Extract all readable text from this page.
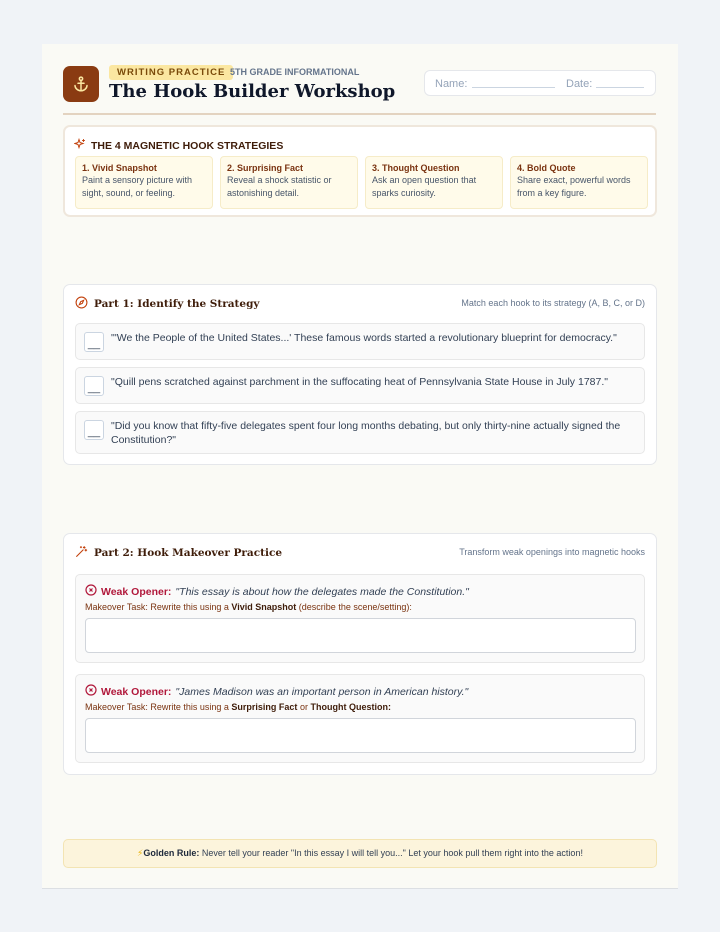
WRITING PRACTICE 5TH GRADE INFORMATIONAL
The Hook Builder Workshop	Name:	Date:
THE 4 MAGNETIC HOOK STRATEGIES
1. Vivid Snapshot
Paint a sensory picture with sight, sound, or feeling.
2. Surprising Fact
Reveal a shock statistic or astonishing detail.
3. Thought Question
Ask an open question that sparks curiosity.
4. Bold Quote
Share exact, powerful words from a key figure.
Part 1: Identify the Strategy	Match each hook to its strategy (A, B, C, or D)
__	"'We the People of the United States...' These famous words started a revolutionary blueprint for democracy."
__	"Quill pens scratched against parchment in the suffocating heat of Pennsylvania State House in July 1787."
__	"Did you know that fifty-five delegates spent four long months debating, but only thirty-nine actually signed the Constitution?"
Part 2: Hook Makeover Practice	Transform weak openings into magnetic hooks
Weak Opener: "This essay is about how the delegates made the Constitution."
Makeover Task: Rewrite this using a Vivid Snapshot (describe the scene/setting):
Weak Opener: "James Madison was an important person in American history."
Makeover Task: Rewrite this using a Surprising Fact or Thought Question:
⚡Golden Rule: Never tell your reader "In this essay I will tell you..." Let your hook pull them right into the action!
